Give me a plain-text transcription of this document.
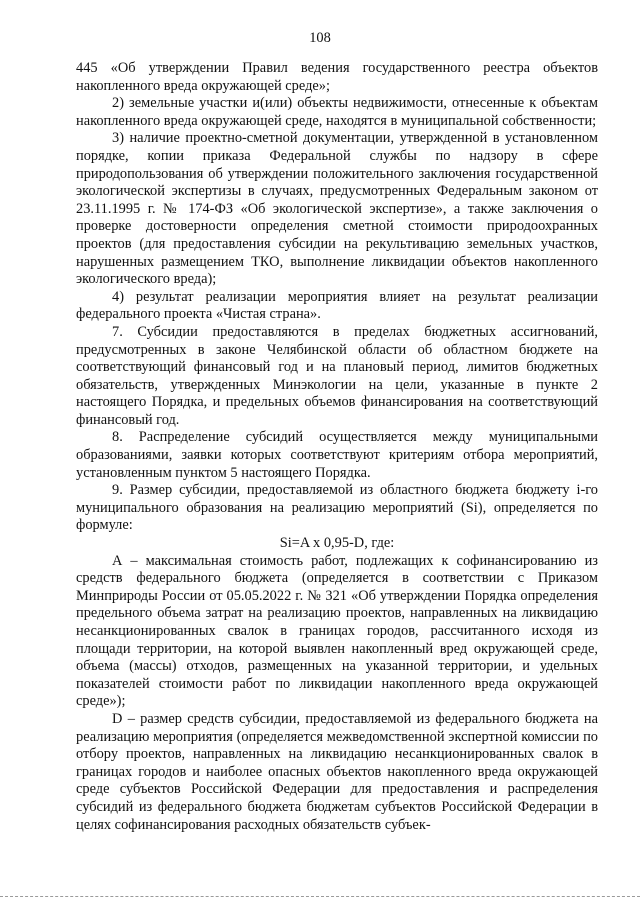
108

445 «Об утверждении Правил ведения государственного реестра объектов накопленного вреда окружающей среде»;

2) земельные участки и(или) объекты недвижимости, отнесенные к объектам накопленного вреда окружающей среде, находятся в муниципальной собственности;

3) наличие проектно-сметной документации, утвержденной в установленном порядке, копии приказа Федеральной службы по надзору в сфере природопользования об утверждении положительного заключения государственной экологической экспертизы в случаях, предусмотренных Федеральным законом от 23.11.1995 г. № 174-ФЗ «Об экологической экспертизе», а также заключения о проверке достоверности определения сметной стоимости природоохранных проектов (для предоставления субсидии на рекультивацию земельных участков, нарушенных размещением ТКО, выполнение ликвидации объектов накопленного экологического вреда);

4) результат реализации мероприятия влияет на результат реализации федерального проекта «Чистая страна».

7. Субсидии предоставляются в пределах бюджетных ассигнований, предусмотренных в законе Челябинской области об областном бюджете на соответствующий финансовый год и на плановый период, лимитов бюджетных обязательств, утвержденных Минэкологии на цели, указанные в пункте 2 настоящего Порядка, и предельных объемов финансирования на соответствующий финансовый год.

8. Распределение субсидий осуществляется между муниципальными образованиями, заявки которых соответствуют критериям отбора мероприятий, установленным пунктом 5 настоящего Порядка.

9. Размер субсидии, предоставляемой из областного бюджета бюджету i-го муниципального образования на реализацию мероприятий (Si), определяется по формуле:

Si=A x 0,95-D, где:

А – максимальная стоимость работ, подлежащих к софинансированию из средств федерального бюджета (определяется в соответствии с Приказом Минприроды России от 05.05.2022 г. № 321 «Об утверждении Порядка определения предельного объема затрат на реализацию проектов, направленных на ликвидацию несанкционированных свалок в границах городов, рассчитанного исходя из площади территории, на которой выявлен накопленный вред окружающей среде, объема (массы) отходов, размещенных на указанной территории, и удельных показателей стоимости работ по ликвидации накопленного вреда окружающей среде»);

D – размер средств субсидии, предоставляемой из федерального бюджета на реализацию мероприятия (определяется межведомственной экспертной комиссии по отбору проектов, направленных на ликвидацию несанкционированных свалок в границах городов и наиболее опасных объектов накопленного вреда окружающей среде субъектов Российской Федерации для предоставления и распределения субсидий из федерального бюджета бюджетам субъектов Российской Федерации в целях софинансирования расходных обязательств субъек-
